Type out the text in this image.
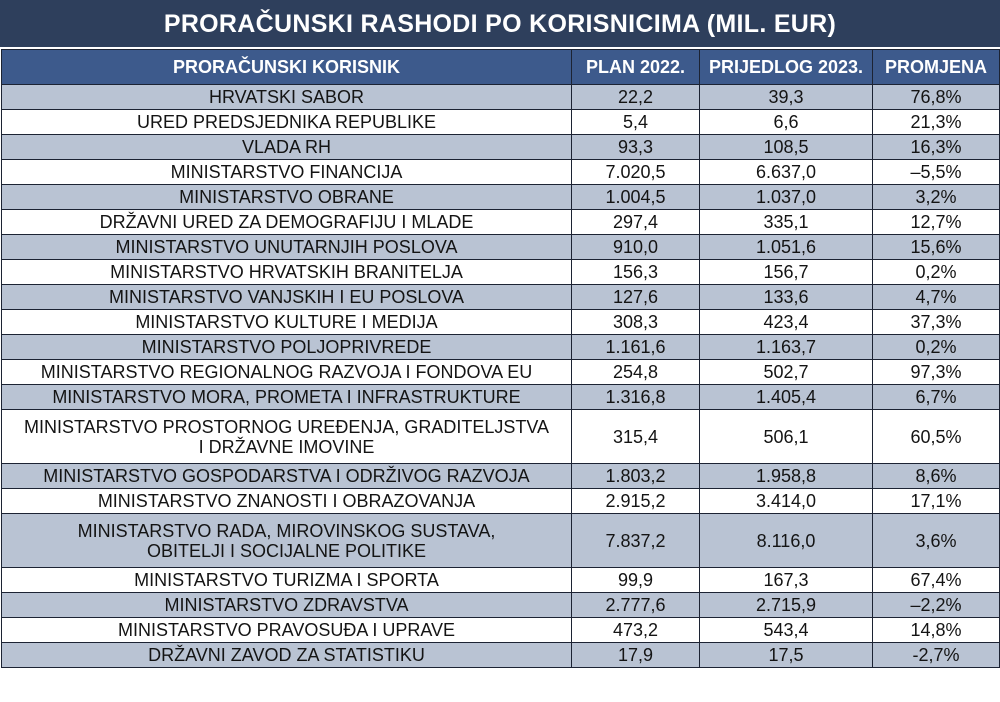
PRORAČUNSKI RASHODI PO KORISNICIMA (MIL. EUR)
PRORAČUNSKI KORISNIK	PLAN 2022.	PRIJEDLOG 2023.	PROMJENA
HRVATSKI SABOR	22,2	39,3	76,8%
URED PREDSJEDNIKA REPUBLIKE	5,4	6,6	21,3%
VLADA RH	93,3	108,5	16,3%
MINISTARSTVO FINANCIJA	7.020,5	6.637,0	–5,5%
MINISTARSTVO OBRANE	1.004,5	1.037,0	3,2%
DRŽAVNI URED ZA DEMOGRAFIJU I MLADE	297,4	335,1	12,7%
MINISTARSTVO UNUTARNJIH POSLOVA	910,0	1.051,6	15,6%
MINISTARSTVO HRVATSKIH BRANITELJA	156,3	156,7	0,2%
MINISTARSTVO VANJSKIH I EU POSLOVA	127,6	133,6	4,7%
MINISTARSTVO KULTURE I MEDIJA	308,3	423,4	37,3%
MINISTARSTVO POLJOPRIVREDE	1.161,6	1.163,7	0,2%
MINISTARSTVO REGIONALNOG RAZVOJA I FONDOVA EU	254,8	502,7	97,3%
MINISTARSTVO MORA, PROMETA I INFRASTRUKTURE	1.316,8	1.405,4	6,7%
MINISTARSTVO PROSTORNOG UREĐENJA, GRADITELJSTVA
I DRŽAVNE IMOVINE	315,4	506,1	60,5%
MINISTARSTVO GOSPODARSTVA I ODRŽIVOG RAZVOJA	1.803,2	1.958,8	8,6%
MINISTARSTVO ZNANOSTI I OBRAZOVANJA	2.915,2	3.414,0	17,1%
MINISTARSTVO RADA, MIROVINSKOG SUSTAVA,
OBITELJI I SOCIJALNE POLITIKE	7.837,2	8.116,0	3,6%
MINISTARSTVO TURIZMA I SPORTA	99,9	167,3	67,4%
MINISTARSTVO ZDRAVSTVA	2.777,6	2.715,9	–2,2%
MINISTARSTVO PRAVOSUĐA I UPRAVE	473,2	543,4	14,8%
DRŽAVNI ZAVOD ZA STATISTIKU	17,9	17,5	-2,7%
